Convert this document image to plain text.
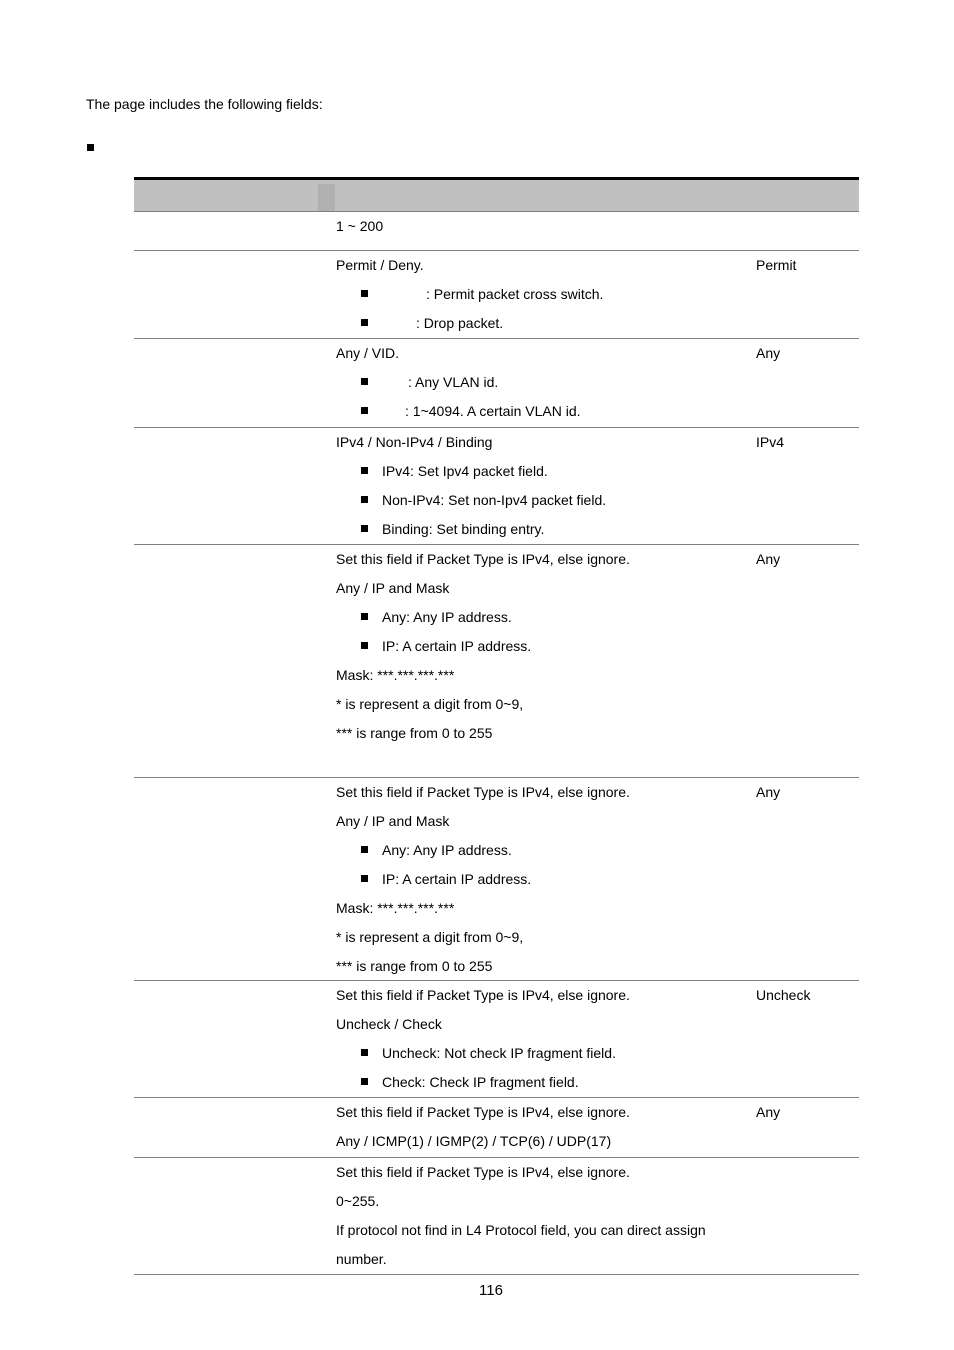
The page includes the following fields:
1 ~ 200
Permit / Deny.
: Permit packet cross switch.
: Drop packet.
Permit
Any / VID.
: Any VLAN id.
: 1~4094. A certain VLAN id.
Any
IPv4 / Non-IPv4 / Binding
IPv4: Set Ipv4 packet field.
Non-IPv4: Set non-Ipv4 packet field.
Binding: Set binding entry.
IPv4
Set this field if Packet Type is IPv4, else ignore.
Any / IP and Mask
Any: Any IP address.
IP: A certain IP address.
Mask: ***.***.***.***
* is represent a digit from 0~9,
*** is range from 0 to 255
Any
Set this field if Packet Type is IPv4, else ignore.
Any / IP and Mask
Any: Any IP address.
IP: A certain IP address.
Mask: ***.***.***.***
* is represent a digit from 0~9,
*** is range from 0 to 255
Any
Set this field if Packet Type is IPv4, else ignore.
Uncheck / Check
Uncheck: Not check IP fragment field.
Check: Check IP fragment field.
Uncheck
Set this field if Packet Type is IPv4, else ignore.
Any / ICMP(1) / IGMP(2) / TCP(6) / UDP(17)
Any
Set this field if Packet Type is IPv4, else ignore.
0~255.
If protocol not find in L4 Protocol field, you can direct assign
number.
116
